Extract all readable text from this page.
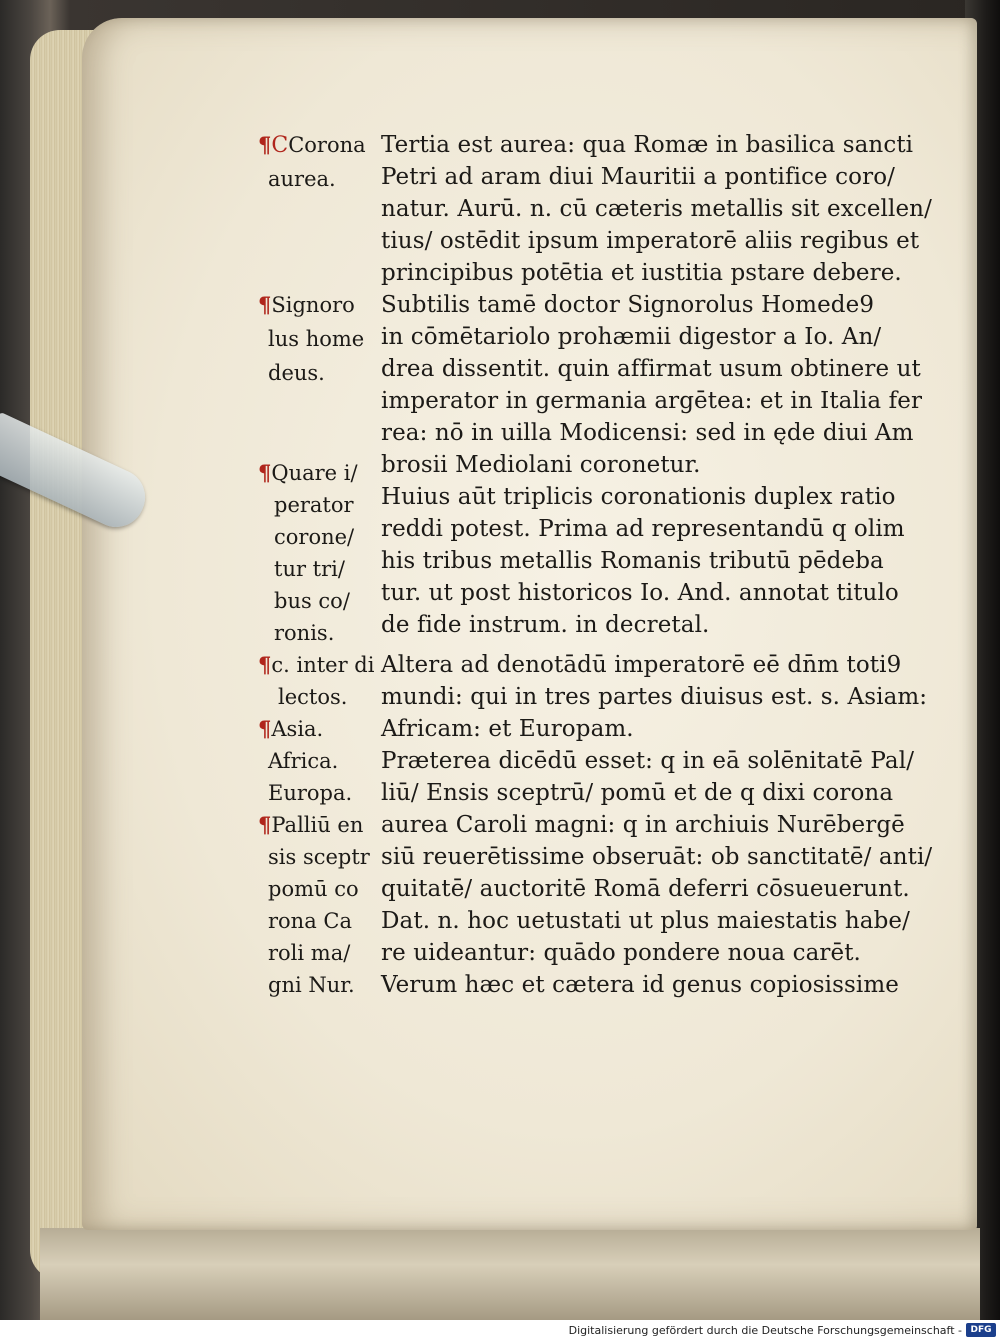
¶CCorona
aurea.
¶Signoro
lus home
deus.
¶Quare i/
perator
corone/
tur tri/
bus co/
ronis.
¶c. inter di
lectos.
¶Asia.
Africa.
Europa.
¶Palliū en
sis sceptr
pomū co
rona Ca
roli ma/
gni Nur.
Tertia est aurea: qua Romæ in basilica sancti
Petri ad aram diui Mauritii a pontifice coro/
natur. Aurū. n. cū cæteris metallis sit excellen/
tius/ ostēdit ipsum imperatorē aliis regibus et
principibus potētia et iustitia pstare debere.
Subtilis tamē doctor Signorolus Homede9
in cōmētariolo prohæmii digestor a Io. An/
drea dissentit. quin affirmat usum obtinere ut
imperator in germania argētea: et in Italia fer
rea: nō in uilla Modicensi: sed in ęde diui Am
brosii Mediolani coronetur.
Huius aūt triplicis coronationis duplex ratio
reddi potest. Prima ad representandū q olim
his tribus metallis Romanis tributū pēdeba
tur. ut post historicos Io. And. annotat titulo
de fide instrum. in decretal.
Altera ad denotādū imperatorē eē dn̄m toti9
mundi: qui in tres partes diuisus est. s. Asiam:
Africam: et Europam.
Præterea dicēdū esset: q in eā solēnitatē Pal/
liū/ Ensis sceptrū/ pomū et de q dixi corona
aurea Caroli magni: q in archiuis Nurēbergē
siū reuerētissime obseruāt: ob sanctitatē/ anti/
quitatē/ auctoritē Romā deferri cōsueuerunt.
Dat. n. hoc uetustati ut plus maiestatis habe/
re uideantur: quādo pondere noua carēt.
Verum hæc et cætera id genus copiosissime
Digitalisierung gefördert durch die Deutsche Forschungsgemeinschaft - DFG
